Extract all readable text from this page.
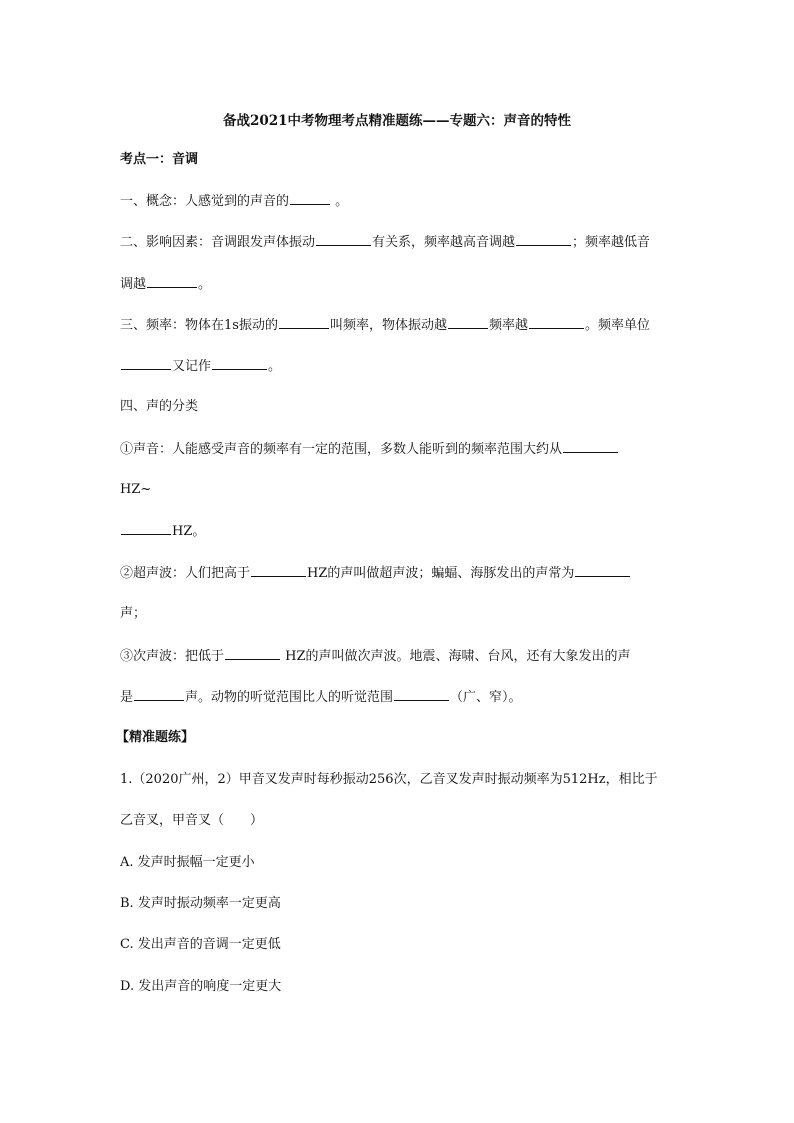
备战2021中考物理考点精准题练——专题六：声音的特性
考点一：音调
一、概念：人感觉到的声音的	。
二、影响因素：音调跟发声体振动	有关系，频率越高音调越	；频率越低音
调越	。
三、频率：物体在1s振动的	叫频率，物体振动越	频率越	。频率单位
又记作	。
四、声的分类
①声音：人能感受声音的频率有一定的范围，多数人能听到的频率范围大约从
HZ~
HZ。
②超声波：人们把高于	HZ的声叫做超声波；蝙蝠、海豚发出的声常为
声；
③次声波：把低于	HZ的声叫做次声波。地震、海啸、台风，还有大象发出的声
是	声。动物的听觉范围比人的听觉范围	（广、窄）。
【精准题练】
1.（2020广州，2）甲音叉发声时每秒振动256次，乙音叉发声时振动频率为512Hz，相比于
乙音叉，甲音叉（　　）
A. 发声时振幅一定更小
B. 发声时振动频率一定更高
C. 发出声音的音调一定更低
D. 发出声音的响度一定更大
